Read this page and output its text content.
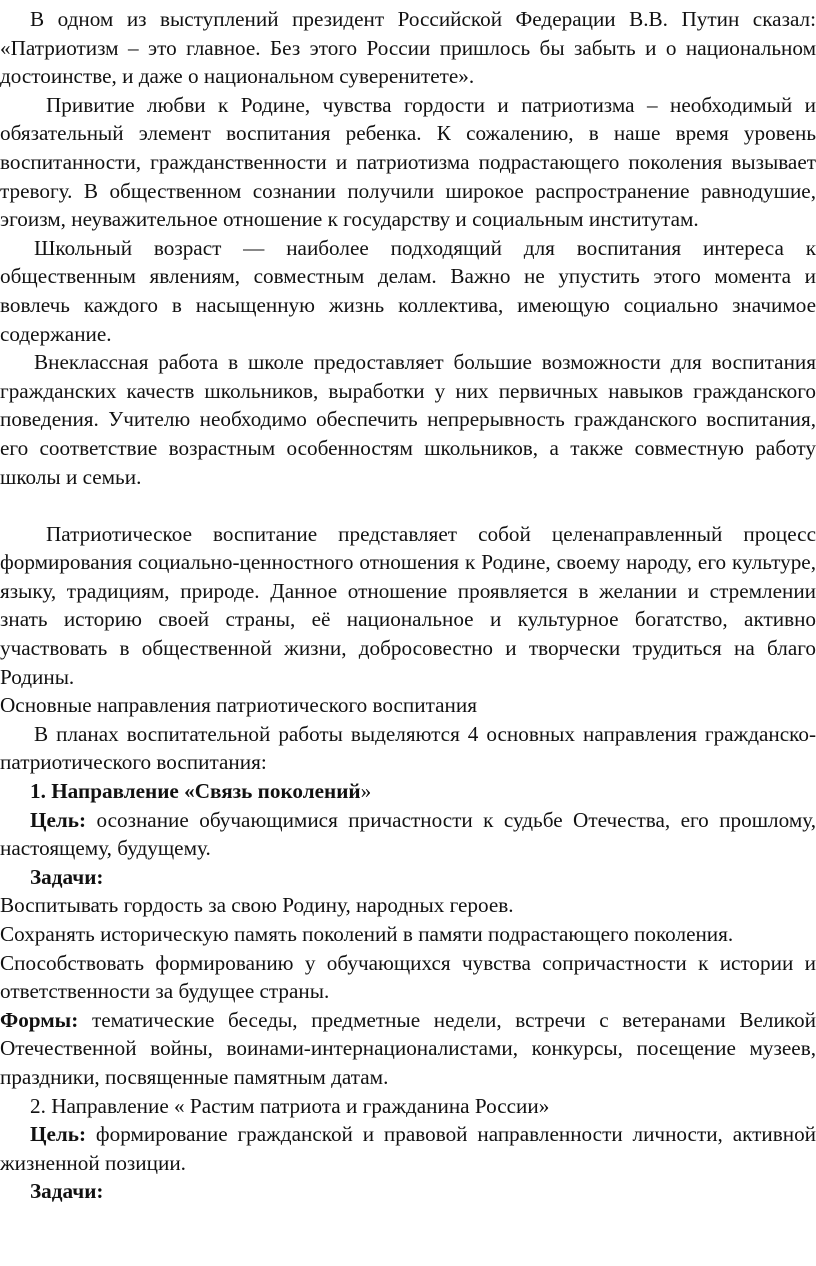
В одном из выступлений президент Российской Федерации В.В. Путин сказал: «Патриотизм – это главное. Без этого России пришлось бы забыть и о национальном достоинстве, и даже о национальном суверенитете».

Привитие любви к Родине, чувства гордости и патриотизма – необходимый и обязательный элемент воспитания ребенка. К сожалению, в наше время уровень воспитанности, гражданственности и патриотизма подрастающего поколения вызывает тревогу. В общественном сознании получили широкое распространение равнодушие, эгоизм, неуважительное отношение к государству и социальным институтам.

Школьный возраст — наиболее подходящий для воспитания интереса к общественным явлениям, совместным делам. Важно не упустить этого момента и вовлечь каждого в насыщенную жизнь коллектива, имеющую социально значимое содержание.

Внеклассная работа в школе предоставляет большие возможности для воспитания гражданских качеств школьников, выработки у них первичных навыков гражданского поведения. Учителю необходимо обеспечить непрерывность гражданского воспитания, его соответствие возрастным особенностям школьников, а также совместную работу школы и семьи.

Патриотическое воспитание представляет собой целенаправленный процесс формирования социально-ценностного отношения к Родине, своему народу, его культуре, языку, традициям, природе. Данное отношение проявляется в желании и стремлении знать историю своей страны, её национальное и культурное богатство, активно участвовать в общественной жизни, добросовестно и творчески трудиться на благо Родины.

Основные направления патриотического воспитания

В планах воспитательной работы выделяются 4 основных направления гражданско-патриотического воспитания:

1. Направление «Связь поколений»

Цель: осознание обучающимися причастности к судьбе Отечества, его прошлому, настоящему, будущему.

Задачи:

Воспитывать гордость за свою Родину, народных героев.

Сохранять историческую память поколений в памяти подрастающего поколения.

Способствовать формированию у обучающихся чувства сопричастности к истории и ответственности за будущее страны.

Формы: тематические беседы, предметные недели, встречи с ветеранами Великой Отечественной войны, воинами-интернационалистами, конкурсы, посещение музеев, праздники, посвященные памятным датам.

2. Направление « Растим патриота и гражданина России»

Цель: формирование гражданской и правовой направленности личности, активной жизненной позиции.

Задачи:
